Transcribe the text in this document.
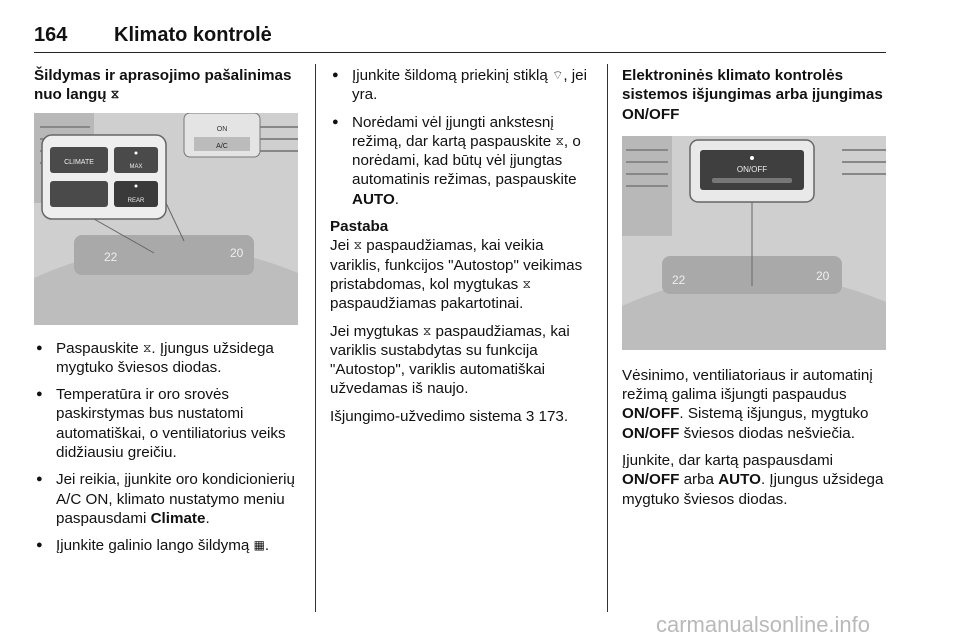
164 Klimato kontrolė
Šildymas ir aprasojimo pašalinimas nuo langų ⧖
ON
A/C
CLIMATE
MAX
REAR
22	20
● Paspauskite ⧖. Įjungus užsidega mygtuko šviesos diodas.
● Temperatūra ir oro srovės paskirstymas bus nustatomi automatiškai, o ventiliatorius veiks didžiausiu greičiu.
● Jei reikia, įjunkite oro kondicionierių A/C ON, klimato nustatymo meniu paspausdami Climate.
● Įjunkite galinio lango šildymą ▦.
● Įjunkite šildomą priekinį stiklą ⌔, jei yra.
● Norėdami vėl įjungti ankstesnį režimą, dar kartą paspauskite ⧖, o norėdami, kad būtų vėl įjungtas automatinis režimas, paspauskite AUTO.

Pastaba

Jei ⧖ paspaudžiamas, kai veikia variklis, funkcijos "Autostop" veikimas pristabdomas, kol mygtukas ⧖ paspaudžiamas pakartotinai.

Jei mygtukas ⧖ paspaudžiamas, kai variklis sustabdytas su funkcija "Autostop", variklis automatiškai užvedamas iš naujo.

Išjungimo-užvedimo sistema 3 173.

Elektroninės klimato kontrolės sistemos išjungimas arba įjungimas ON/OFF
ON/OFF
22	20

Vėsinimo, ventiliatoriaus ir automatinį režimą galima išjungti paspaudus ON/OFF. Sistemą išjungus, mygtuko ON/OFF šviesos diodas nešviečia.

Įjunkite, dar kartą paspausdami ON/OFF arba AUTO. Įjungus užsidega mygtuko šviesos diodas.

carmanualsonline.info
